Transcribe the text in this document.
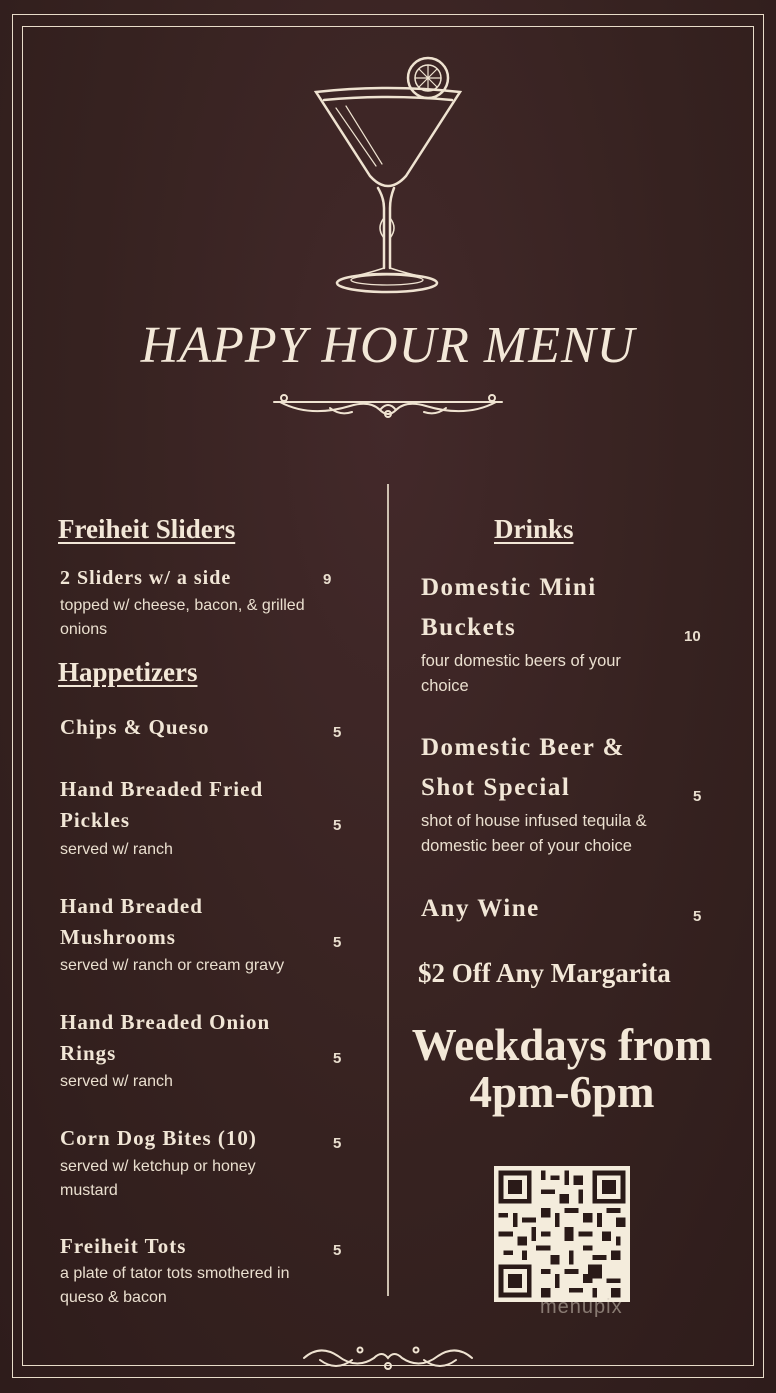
HAPPY HOUR MENU
Freiheit Sliders
2 Sliders w/ a side	9
topped w/ cheese, bacon, & grilled onions
Happetizers
Chips & Queso	5
Hand Breaded Fried Pickles	5
served w/ ranch
Hand Breaded Mushrooms	5
served w/ ranch or cream gravy
Hand Breaded Onion Rings	5
served w/ ranch
Corn Dog Bites (10)	5
served w/ ketchup or honey mustard
Freiheit Tots	5
a plate of tator tots smothered in queso & bacon
Drinks
Domestic Mini Buckets	10
four domestic beers of your choice
Domestic Beer & Shot Special	5
shot of house infused tequila & domestic beer of your choice
Any Wine	5
$2 Off Any Margarita
Weekdays from
4pm-6pm
menupix
